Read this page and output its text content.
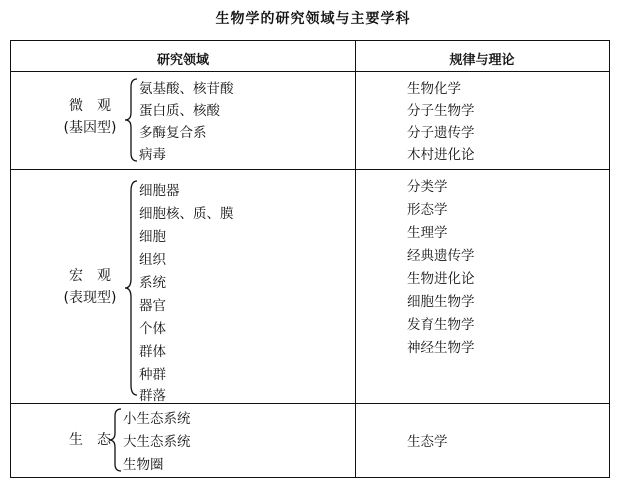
生物学的研究领域与主要学科
研究领域	规律与理论
微　观
(基因型)
氨基酸、核苷酸
蛋白质、核酸
多酶复合系
病毒
生物化学
分子生物学
分子遗传学
木村进化论
宏　观
(表现型)
细胞器
细胞核、质、膜
细胞
组织
系统
器官
个体
群体
种群
群落
分类学
形态学
生理学
经典遗传学
生物进化论
细胞生物学
发育生物学
神经生物学
生　态
小生态系统
大生态系统
生物圈
生态学
